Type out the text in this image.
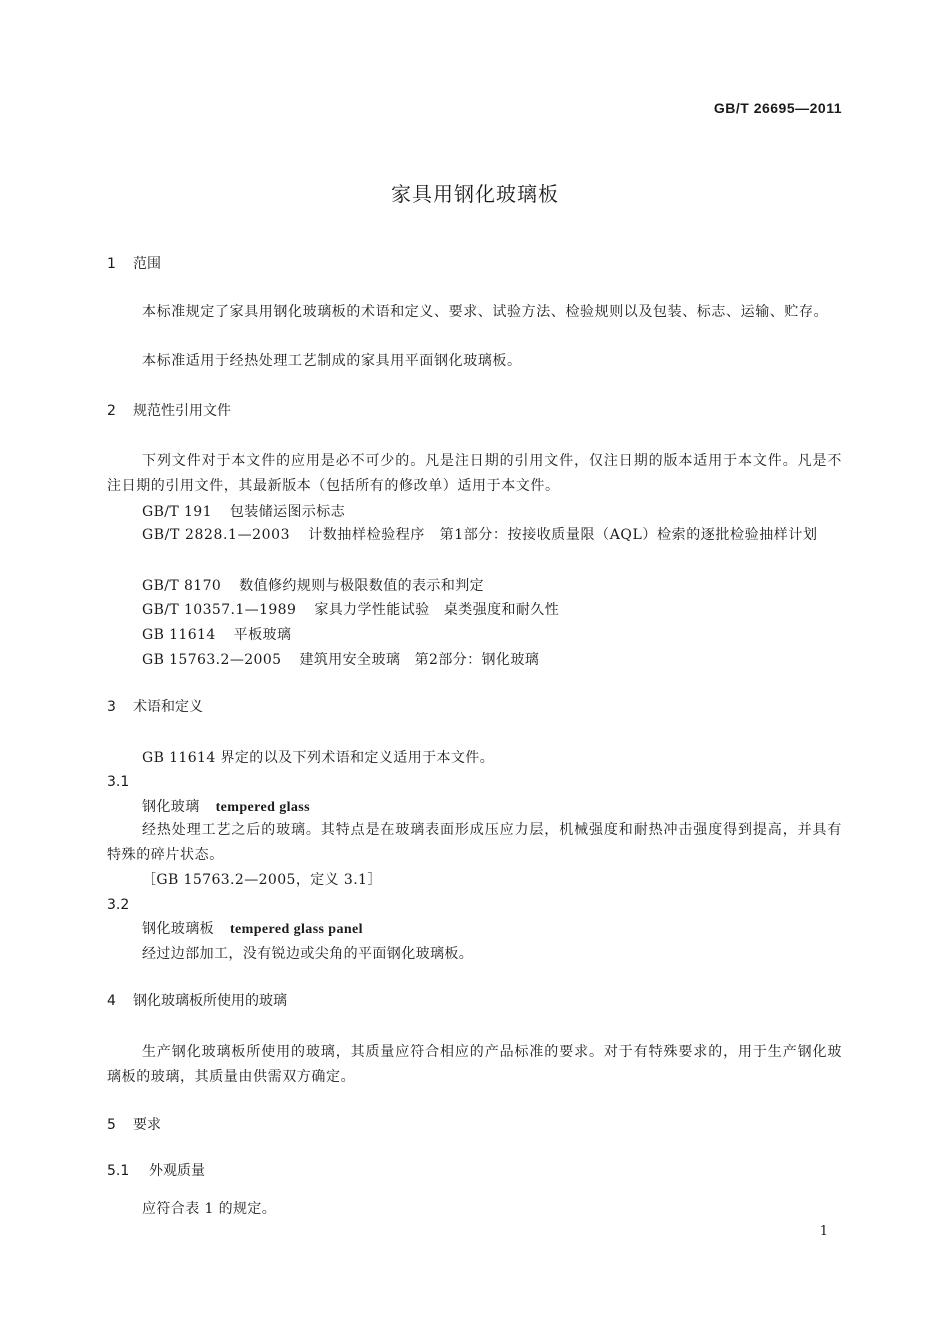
GB/T 26695—2011
家具用钢化玻璃板
1 范围
本标准规定了家具用钢化玻璃板的术语和定义、要求、试验方法、检验规则以及包装、标志、运输、贮存。
本标准适用于经热处理工艺制成的家具用平面钢化玻璃板。
2 规范性引用文件
下列文件对于本文件的应用是必不可少的。凡是注日期的引用文件，仅注日期的版本适用于本文件。凡是不注日期的引用文件，其最新版本（包括所有的修改单）适用于本文件。
GB/T 191 包装储运图示标志
GB/T 2828.1—2003 计数抽样检验程序　第1部分：按接收质量限（AQL）检索的逐批检验抽样计划
GB/T 8170 数值修约规则与极限数值的表示和判定
GB/T 10357.1—1989 家具力学性能试验　桌类强度和耐久性
GB 11614 平板玻璃
GB 15763.2—2005 建筑用安全玻璃　第2部分：钢化玻璃
3 术语和定义
GB 11614 界定的以及下列术语和定义适用于本文件。
3.1
钢化玻璃 tempered glass
经热处理工艺之后的玻璃。其特点是在玻璃表面形成压应力层，机械强度和耐热冲击强度得到提高，并具有特殊的碎片状态。
［GB 15763.2—2005，定义 3.1］
3.2
钢化玻璃板 tempered glass panel
经过边部加工，没有锐边或尖角的平面钢化玻璃板。
4 钢化玻璃板所使用的玻璃
生产钢化玻璃板所使用的玻璃，其质量应符合相应的产品标准的要求。对于有特殊要求的，用于生产钢化玻璃板的玻璃，其质量由供需双方确定。
5 要求
5.1 外观质量
应符合表 1 的规定。
1
